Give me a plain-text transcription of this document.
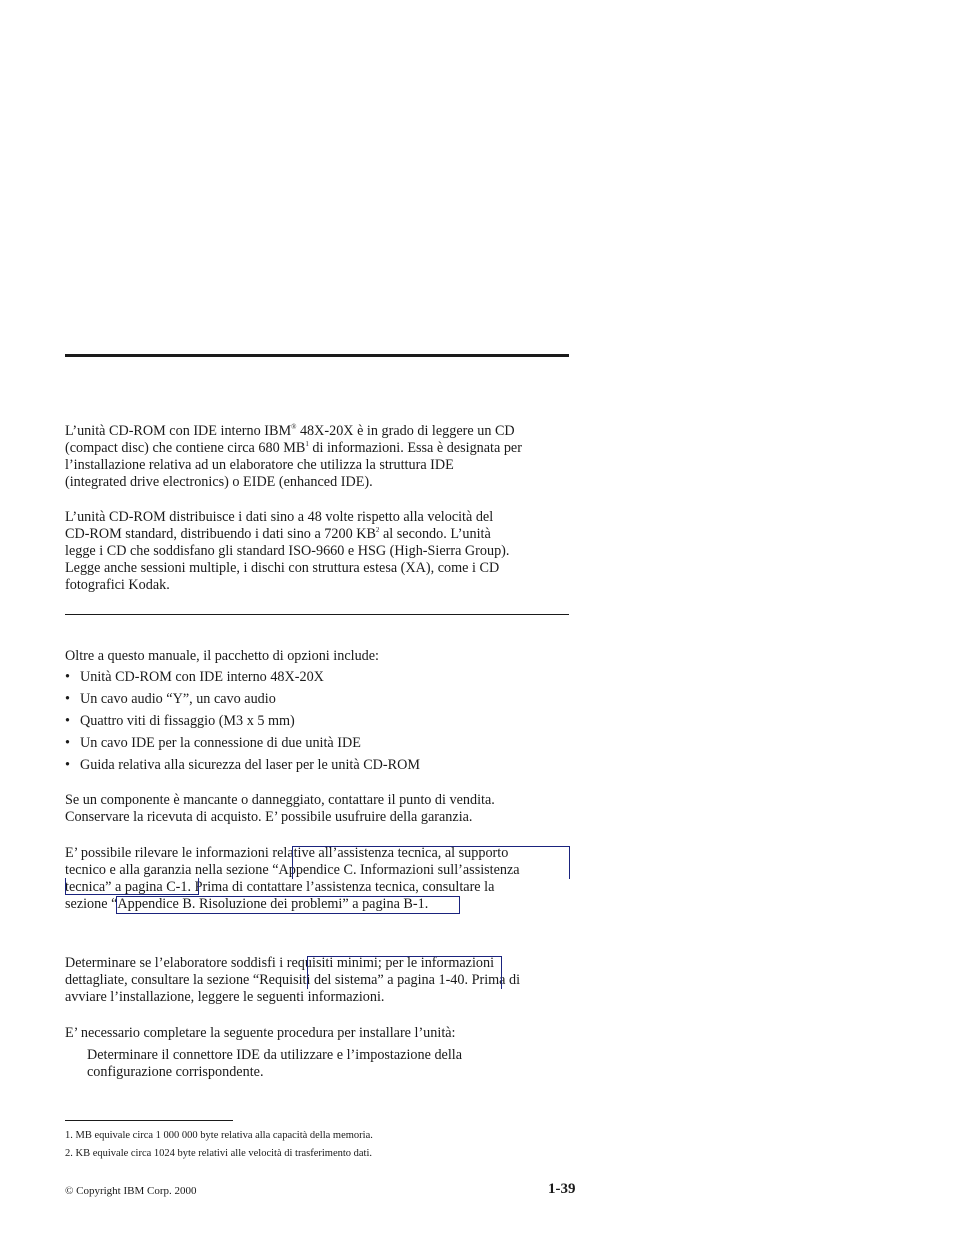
L’unità CD-ROM con IDE interno IBM® 48X-20X è in grado di leggere un CD
(compact disc) che contiene circa 680 $MB^1$ di informazioni. Essa è designata per
l’installazione relativa ad un elaboratore che utilizza la struttura IDE
(integrated drive electronics) o EIDE (enhanced IDE).

L’unità CD-ROM distribuisce i dati sino a 48 volte rispetto alla velocità del
CD-ROM standard, distribuendo i dati sino a 7200 $KB^2$ al secondo. L’unità
legge i CD che soddisfano gli standard ISO-9660 e HSG (High-Sierra Group).
Legge anche sessioni multiple, i dischi con struttura estesa (XA), come i CD
fotografici Kodak.

Oltre a questo manuale, il pacchetto di opzioni include:

• Unità CD-ROM con IDE interno 48X-20X
• Un cavo audio “Y”, un cavo audio
• Quattro viti di fissaggio (M3 x 5 mm)
• Un cavo IDE per la connessione di due unità IDE
• Guida relativa alla sicurezza del laser per le unità CD-ROM

Se un componente è mancante o danneggiato, contattare il punto di vendita.
Conservare la ricevuta di acquisto. E’ possibile usufruire della garanzia.

E’ possibile rilevare le informazioni relative all’assistenza tecnica, al supporto
tecnico e alla garanzia nella sezione “Appendice C. Informazioni sull’assistenza
tecnica” a pagina C-1. Prima di contattare l’assistenza tecnica, consultare la
sezione “Appendice B. Risoluzione dei problemi” a pagina B-1.

Determinare se l’elaboratore soddisfi i requisiti minimi; per le informazioni
dettagliate, consultare la sezione “Requisiti del sistema” a pagina 1-40. Prima di
avviare l’installazione, leggere le seguenti informazioni.

E’ necessario completare la seguente procedura per installare l’unità:

Determinare il connettore IDE da utilizzare e l’impostazione della
configurazione corrispondente.

1. MB equivale circa 1 000 000 byte relativa alla capacità della memoria.
2. KB equivale circa 1024 byte relativi alle velocità di trasferimento dati.
© Copyright IBM Corp. 2000	1-39
